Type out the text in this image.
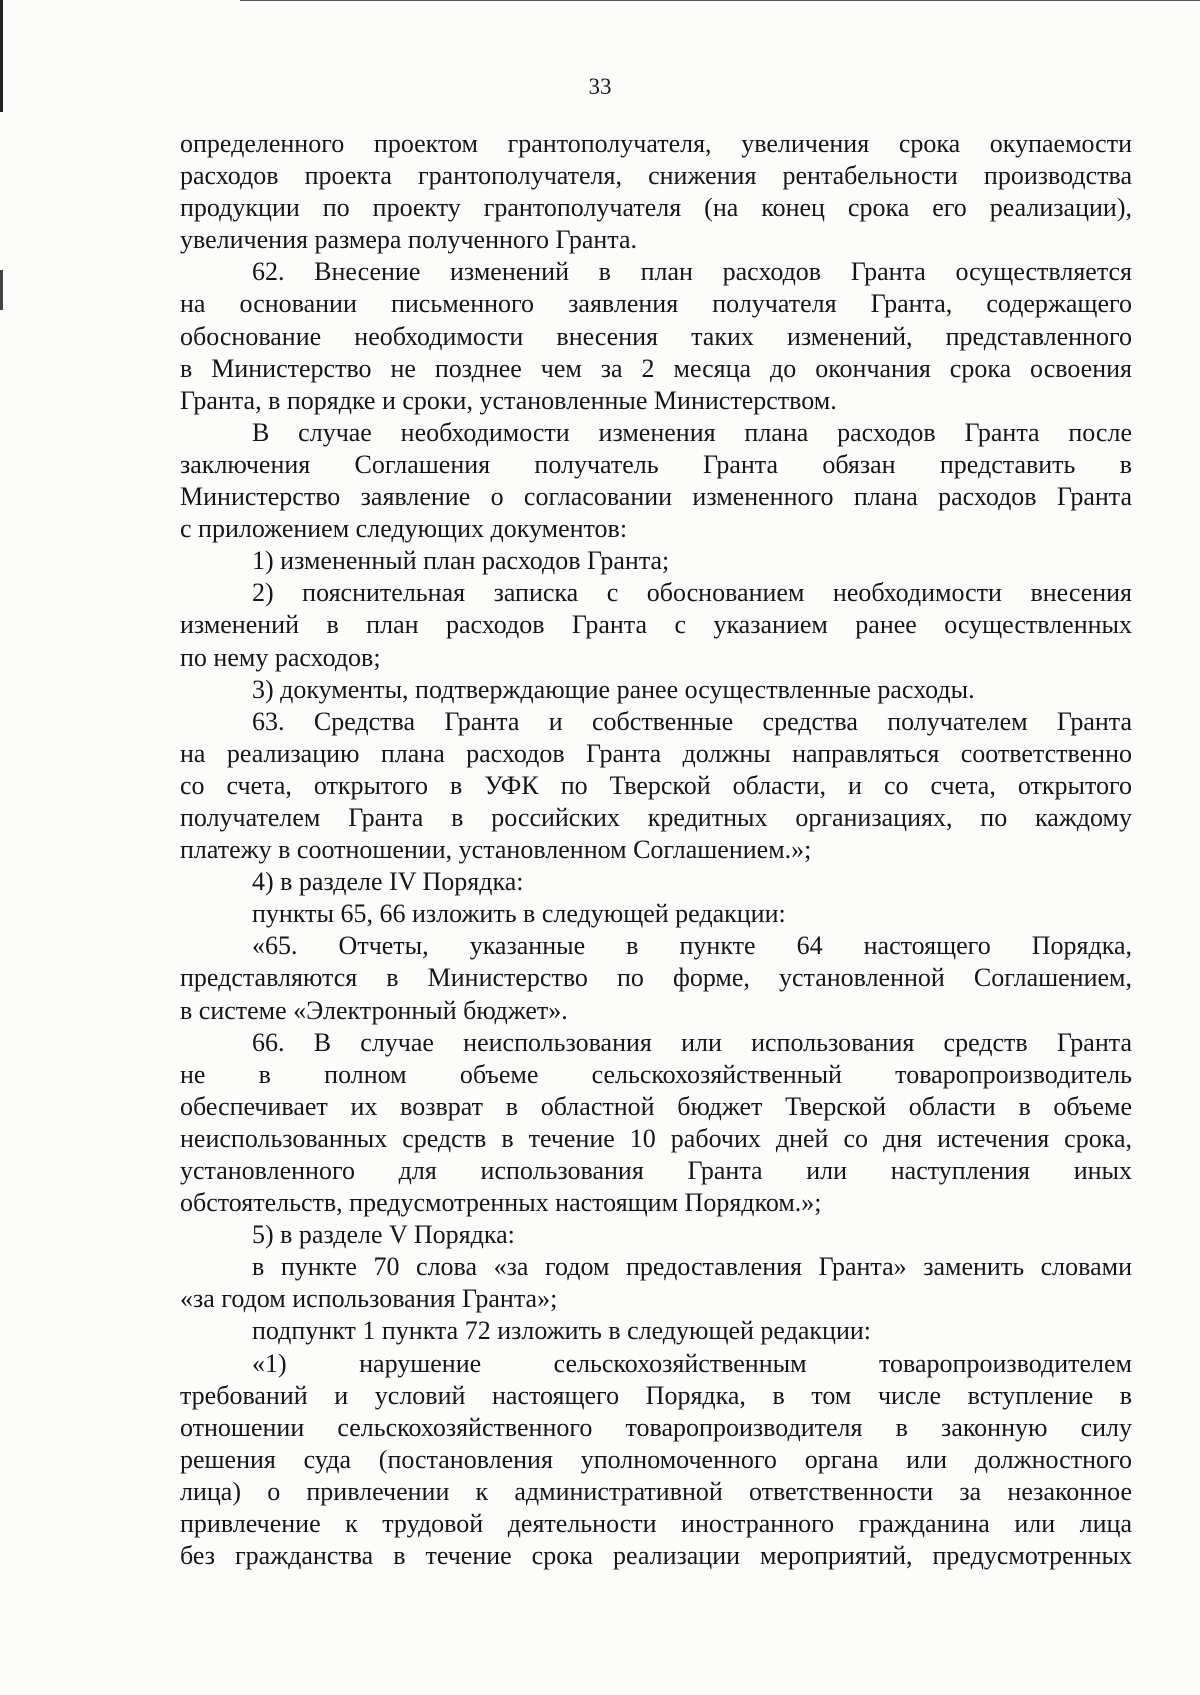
33
определенного проектом грантополучателя, увеличения срока окупаемости
расходов проекта грантополучателя, снижения рентабельности производства
продукции по проекту грантополучателя (на конец срока его реализации),
увеличения размера полученного Гранта.
62. Внесение изменений в план расходов Гранта осуществляется
на основании письменного заявления получателя Гранта, содержащего
обоснование необходимости внесения таких изменений, представленного
в Министерство не позднее чем за 2 месяца до окончания срока освоения
Гранта, в порядке и сроки, установленные Министерством.
В случае необходимости изменения плана расходов Гранта после
заключения Соглашения получатель Гранта обязан представить в
Министерство заявление о согласовании измененного плана расходов Гранта
с приложением следующих документов:
1) измененный план расходов Гранта;
2) пояснительная записка с обоснованием необходимости внесения
изменений в план расходов Гранта с указанием ранее осуществленных
по нему расходов;
3) документы, подтверждающие ранее осуществленные расходы.
63. Средства Гранта и собственные средства получателем Гранта
на реализацию плана расходов Гранта должны направляться соответственно
со счета, открытого в УФК по Тверской области, и со счета, открытого
получателем Гранта в российских кредитных организациях, по каждому
платежу в соотношении, установленном Соглашением.»;
4) в разделе IV Порядка:
пункты 65, 66 изложить в следующей редакции:
«65. Отчеты, указанные в пункте 64 настоящего Порядка,
представляются в Министерство по форме, установленной Соглашением,
в системе «Электронный бюджет».
66. В случае неиспользования или использования средств Гранта
не в полном объеме сельскохозяйственный товаропроизводитель
обеспечивает их возврат в областной бюджет Тверской области в объеме
неиспользованных средств в течение 10 рабочих дней со дня истечения срока,
установленного для использования Гранта или наступления иных
обстоятельств, предусмотренных настоящим Порядком.»;
5) в разделе V Порядка:
в пункте 70 слова «за годом предоставления Гранта» заменить словами
«за годом использования Гранта»;
подпункт 1 пункта 72 изложить в следующей редакции:
«1) нарушение сельскохозяйственным товаропроизводителем
требований и условий настоящего Порядка, в том числе вступление в
отношении сельскохозяйственного товаропроизводителя в законную силу
решения суда (постановления уполномоченного органа или должностного
лица) о привлечении к административной ответственности за незаконное
привлечение к трудовой деятельности иностранного гражданина или лица
без гражданства в течение срока реализации мероприятий, предусмотренных
